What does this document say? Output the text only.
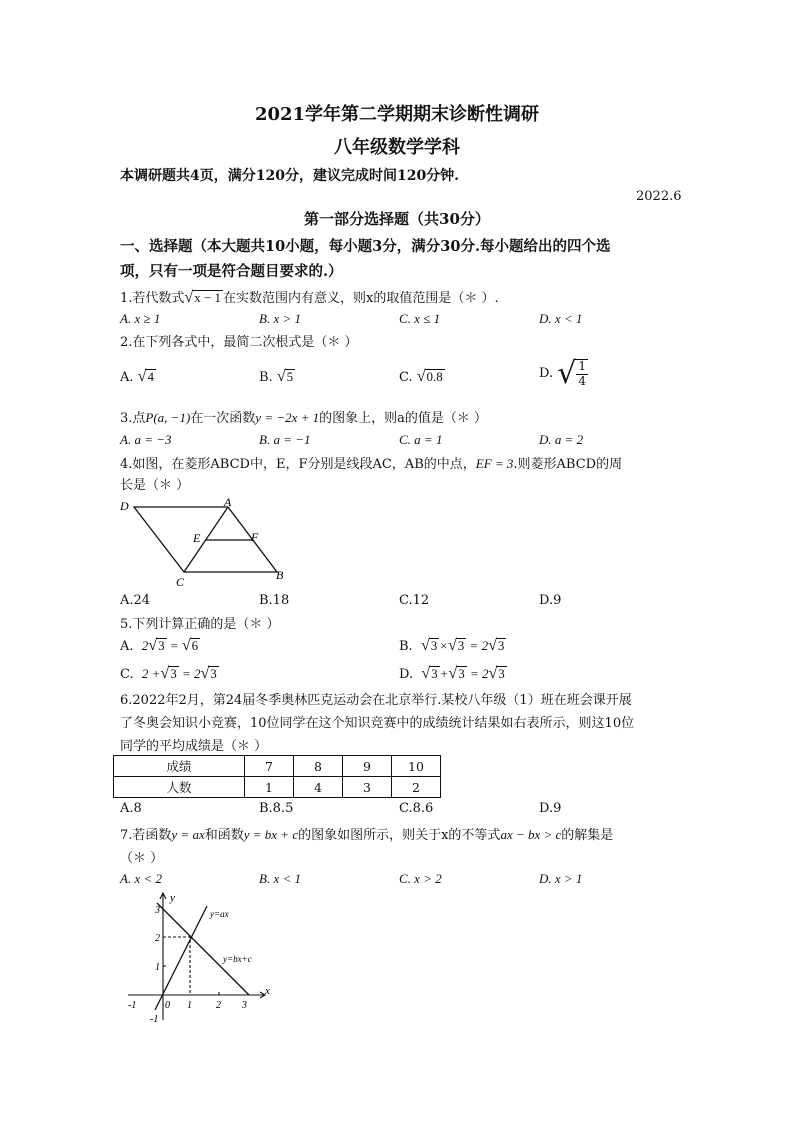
2021学年第二学期期末诊断性调研
八年级数学学科
本调研题共4页，满分120分，建议完成时间120分钟.
2022.6
第一部分选择题（共30分）
一、选择题（本大题共10小题，每小题3分，满分30分.每小题给出的四个选
项，只有一项是符合题目要求的.）
1.若代数式√x − 1 在实数范围内有意义，则x的取值范围是（＊ ）.
A. x ≥ 1	B. x > 1	C. x ≤ 1	D. x < 1
2.在下列各式中，最简二次根式是（＊ ）
A. √4	B. √5	C. √0.8	D. √ $\frac{1}{4}$
3.点P(a, −1)在一次函数y = −2x + 1的图象上，则a的值是（＊ ）
A. a = −3	B. a = −1	C. a = 1	D. a = 2
4.如图，在菱形ABCD中，E，F分别是线段AC，AB的中点，EF = 3.则菱形ABCD的周
长是（＊ ）
D	A
E	F
C	B
A.24	B.18	C.12	D.9
5.下列计算正确的是（＊ ）
A. 2√3 = √6	B. √3 ×√3 = 2√3
C. 2 +√3 = 2√3	D. √3 +√3 = 2√3
6.2022年2月，第24届冬季奥林匹克运动会在北京举行.某校八年级（1）班在班会课开展
了冬奥会知识小竞赛，10位同学在这个知识竞赛中的成绩统计结果如右表所示，则这10位
同学的平均成绩是（＊ ）
成绩	7	8	9	10
人数	1	4	3	2
A.8	B.8.5	C.8.6	D.9
7.若函数y = ax和函数y = bx + c的图象如图所示，则关于x的不等式ax − bx > c的解集是
（＊ ）
A. x < 2	B. x < 1	C. x > 2	D. x > 1
y
x
0
y=ax
y=bx+c
3
2
1
-1
-1	1 2 3
